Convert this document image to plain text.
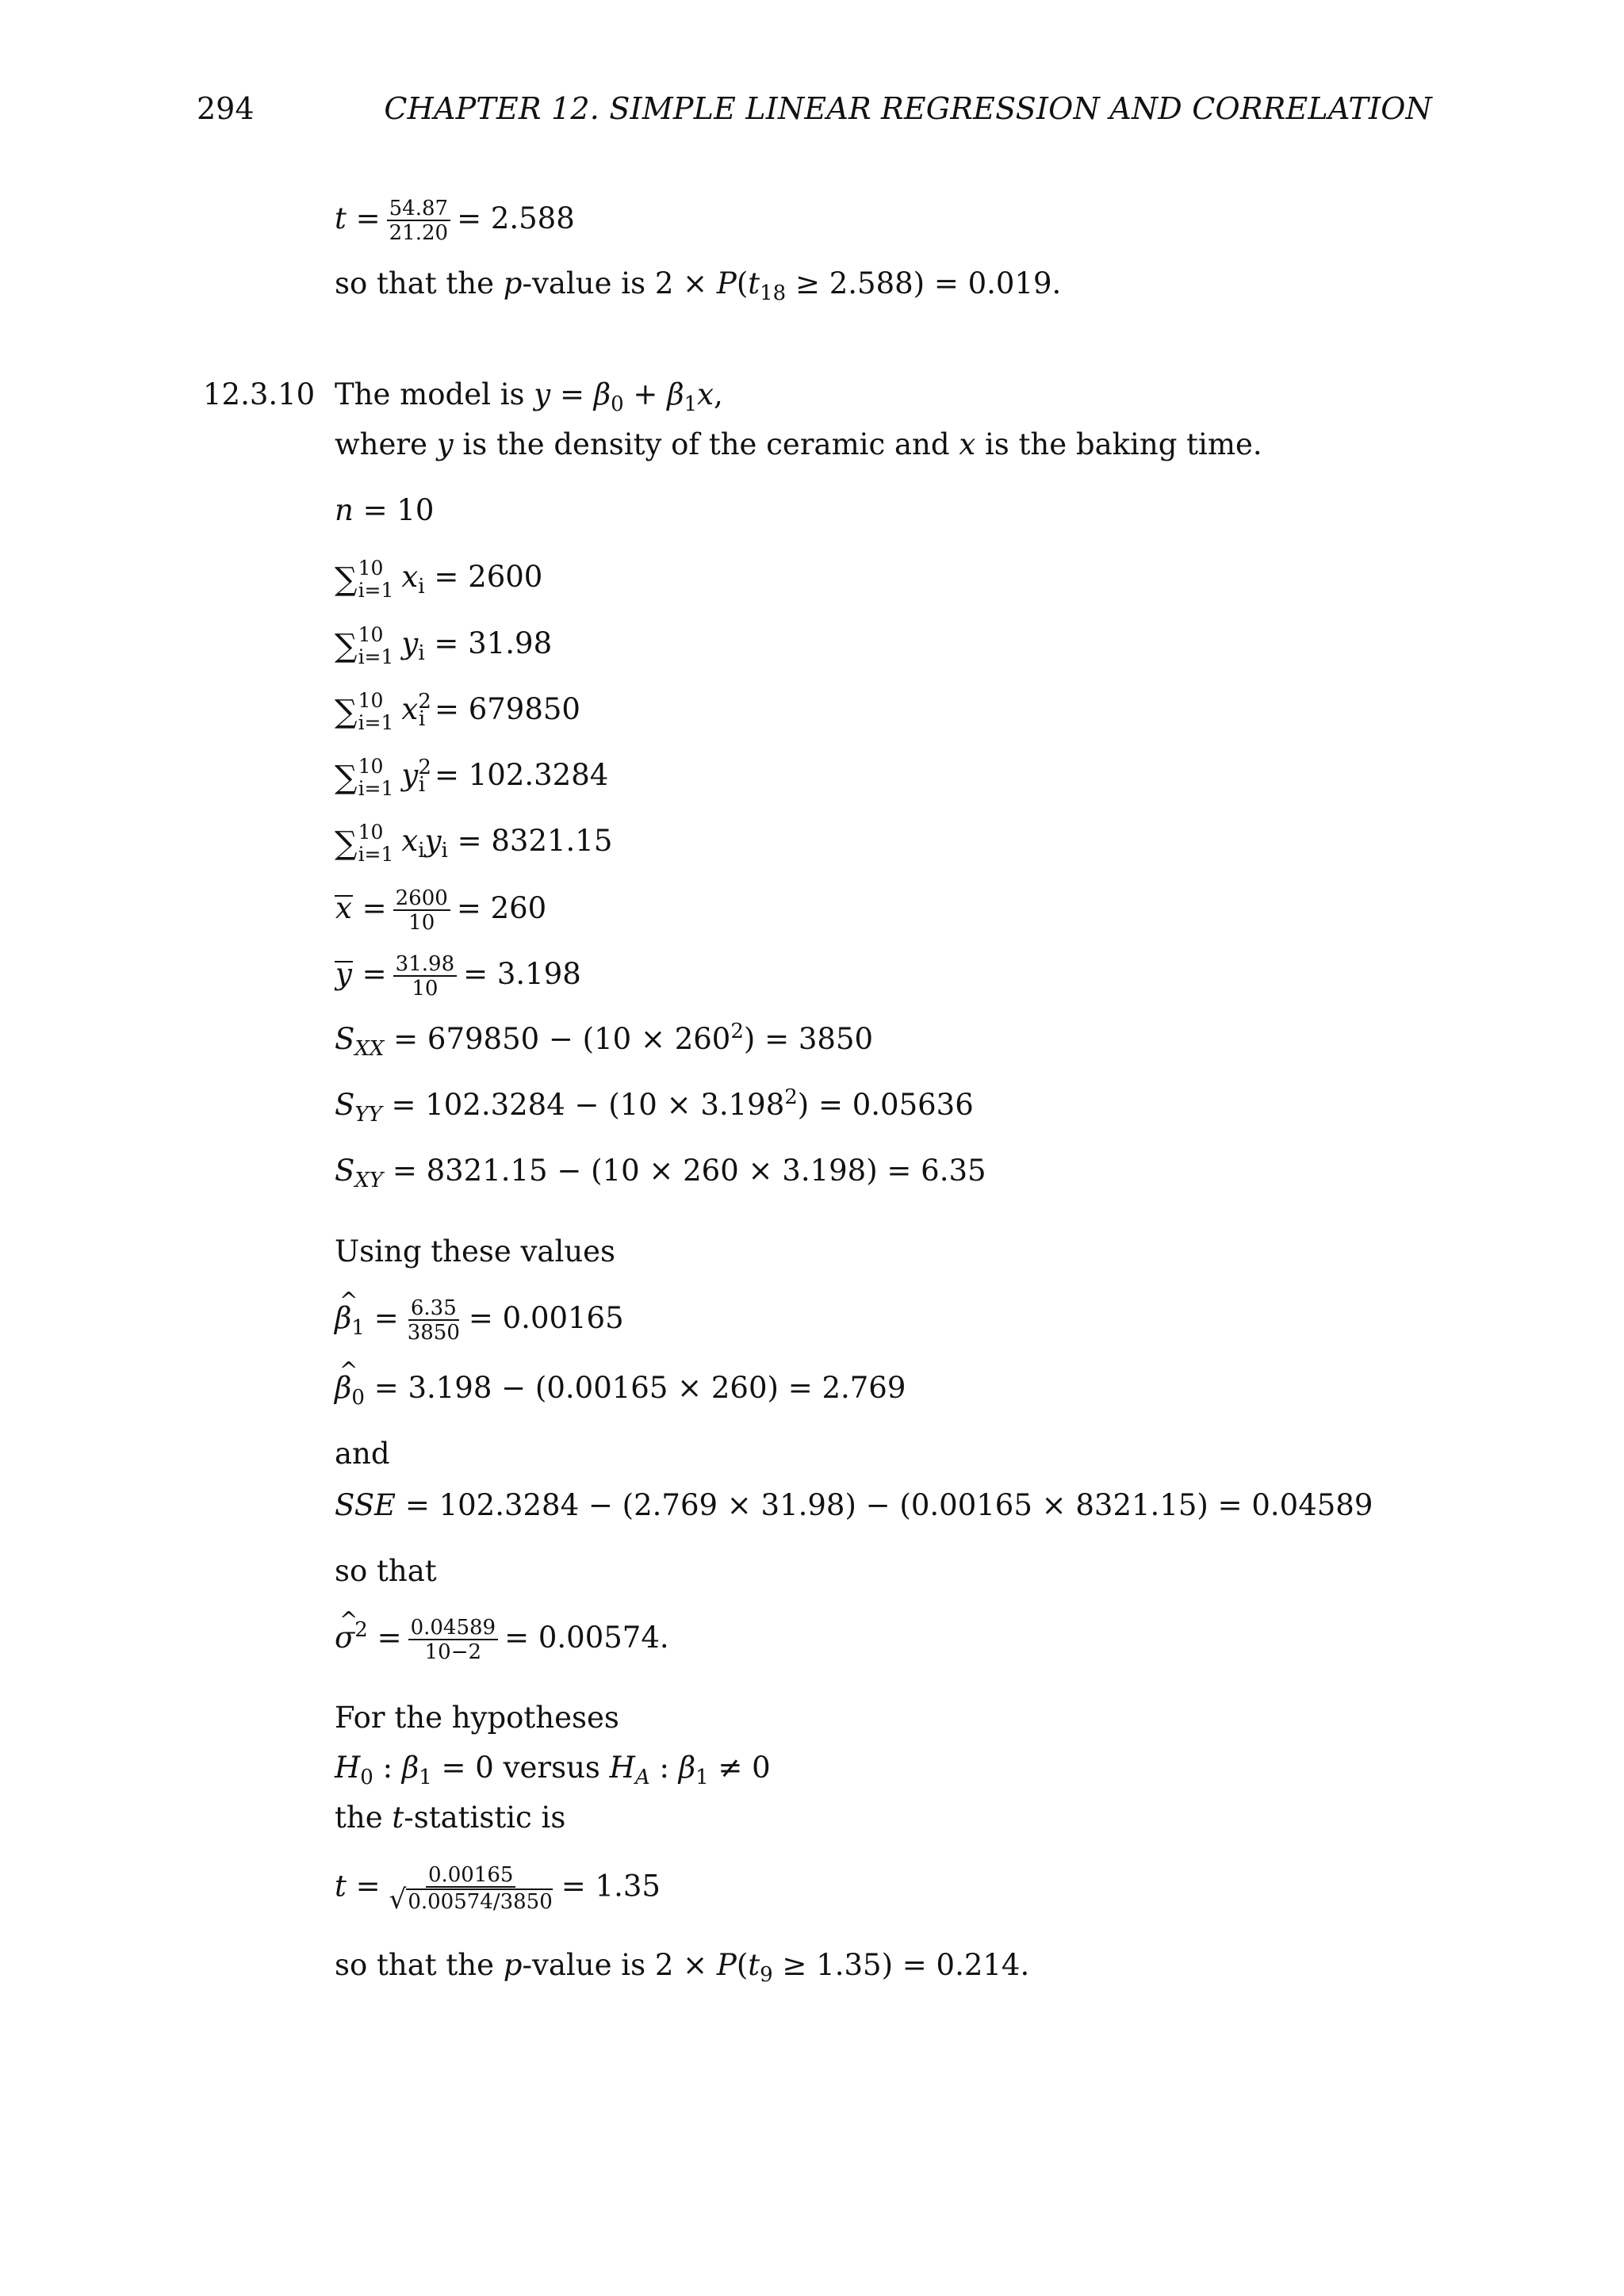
294	CHAPTER 12. SIMPLE LINEAR REGRESSION AND CORRELATION
$t = \frac{54.87}{21.20} = 2.588$
so that the p-value is $2 \times P(t_{18} \ge 2.588) = 0.019$.
12.3.10 The model is $y = \beta_0 + \beta_1x$,
where y is the density of the ceramic and x is the baking time.
n = 10
∑ 10
i=1 $x_i = 2600$
∑ 10
i=1 $y_i = 31.98$
∑ 10
i=1 $x^2_i = 679850$
∑ 10
i=1 $y^2_i = 102.3284$
∑ 10
i=1 $x_iy_i = 8321.15$
$x = \frac{2600}{10} = 260$
$y = \frac{31.98}{10} = 3.198$
$S_{XX} = 679850 - (10 \times 260^2) = 3850$
$S_{YY} = 102.3284 - (10 \times 3.198^2) = 0.05636$
$S_{XY} = 8321.15 - (10 \times 260 \times 3.198) = 6.35$
Using these values
^ $\beta_1 = \frac{6.35}{3850} = 0.00165$
^ $\beta_0 = 3.198 - (0.00165 \times 260) = 2.769$
and
SSE = 102.3284 − (2.769 × 31.98) − (0.00165 × 8321.15) = 0.04589
so that
^ $\sigma^2 = \frac{0.04589}{10-2} = 0.00574$.
For the hypotheses
$H_0$ : $\beta_1 = 0$ versus $H_A$ : $\beta_1 \ne 0$
the t-statistic is
$t = \frac{0.00165}{√0.00574/3850} = 1.35$
so that the p-value is $2 \times P(t_9 \ge 1.35) = 0.214$.
